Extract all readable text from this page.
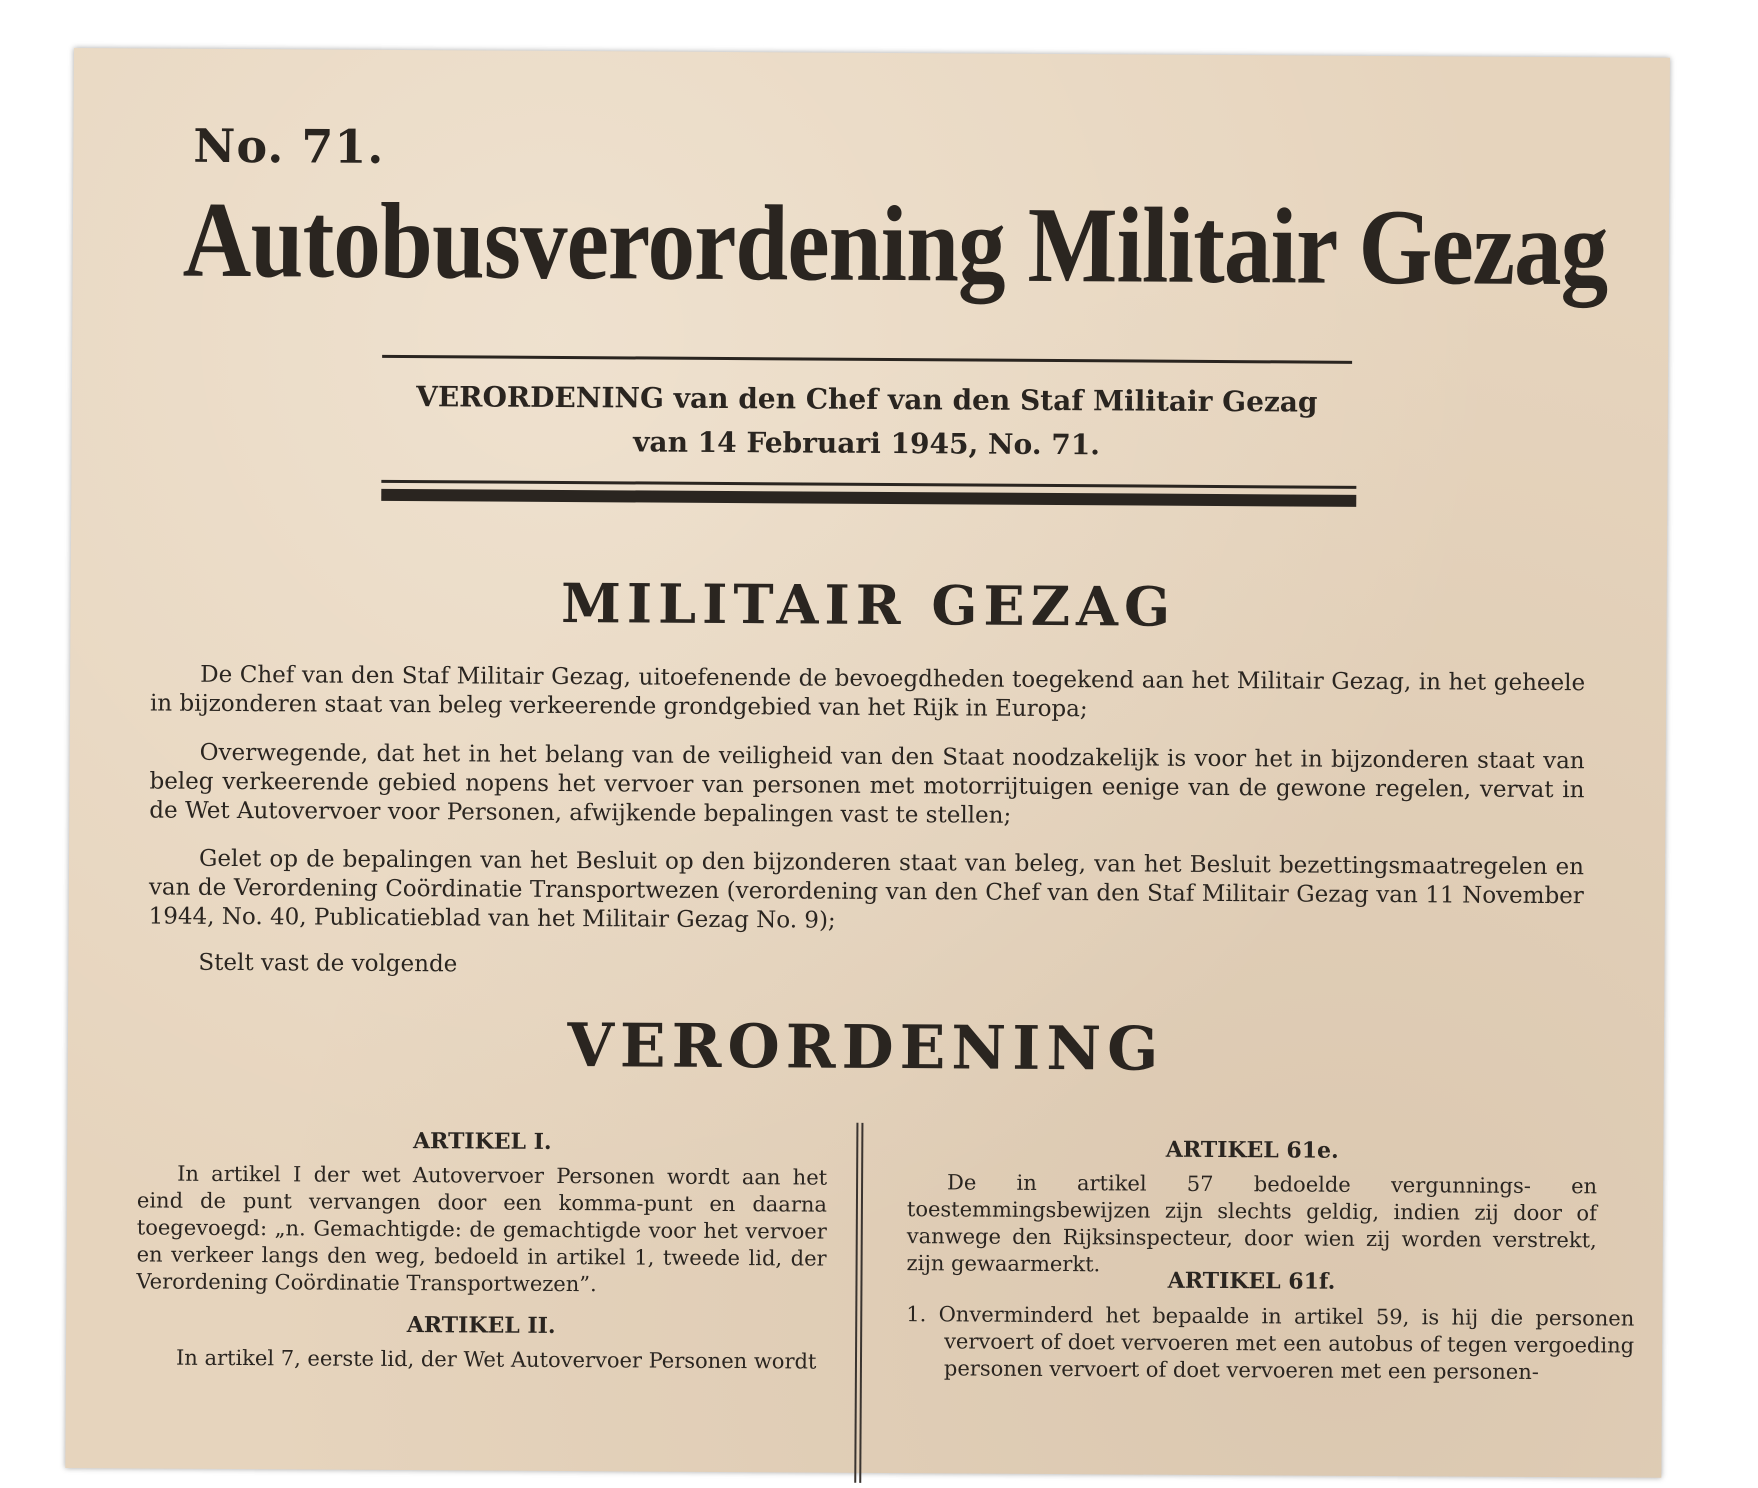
No. 71.
Autobusverordening Militair Gezag
VERORDENING van den Chef van den Staf Militair Gezag
van 14 Februari 1945, No. 71.
MILITAIR GEZAG
De Chef van den Staf Militair Gezag, uitoefenende de bevoegdheden toegekend aan het Militair Gezag, in het geheele in bijzonderen staat van beleg verkeerende grondgebied van het Rijk in Europa;
Overwegende, dat het in het belang van de veiligheid van den Staat noodzakelijk is voor het in bijzonderen staat van beleg verkeerende gebied nopens het vervoer van personen met motorrijtuigen eenige van de gewone regelen, vervat in de Wet Autovervoer voor Personen, afwijkende bepalingen vast te stellen;
Gelet op de bepalingen van het Besluit op den bijzonderen staat van beleg, van het Besluit bezettingsmaatregelen en van de Verordening Coördinatie Transportwezen (verordening van den Chef van den Staf Militair Gezag van 11 November 1944, No. 40, Publicatieblad van het Militair Gezag No. 9);
Stelt vast de volgende
VERORDENING
ARTIKEL I.
In artikel I der wet Autovervoer Personen wordt aan het eind de punt vervangen door een komma-punt en daarna toegevoegd: „n. Gemachtigde: de gemachtigde voor het vervoer en verkeer langs den weg, bedoeld in artikel 1, tweede lid, der Verordening Coördinatie Transportwezen”.
ARTIKEL II.
In artikel 7, eerste lid, der Wet Autovervoer Personen wordt
ARTIKEL 61e.
De in artikel 57 bedoelde vergunnings- en toestemmingsbewijzen zijn slechts geldig, indien zij door of vanwege den Rijksinspecteur, door wien zij worden verstrekt, zijn gewaarmerkt.
ARTIKEL 61f.
1. Onverminderd het bepaalde in artikel 59, is hij die personen vervoert of doet vervoeren met een autobus of tegen vergoeding personen vervoert of doet vervoeren met een personen-
